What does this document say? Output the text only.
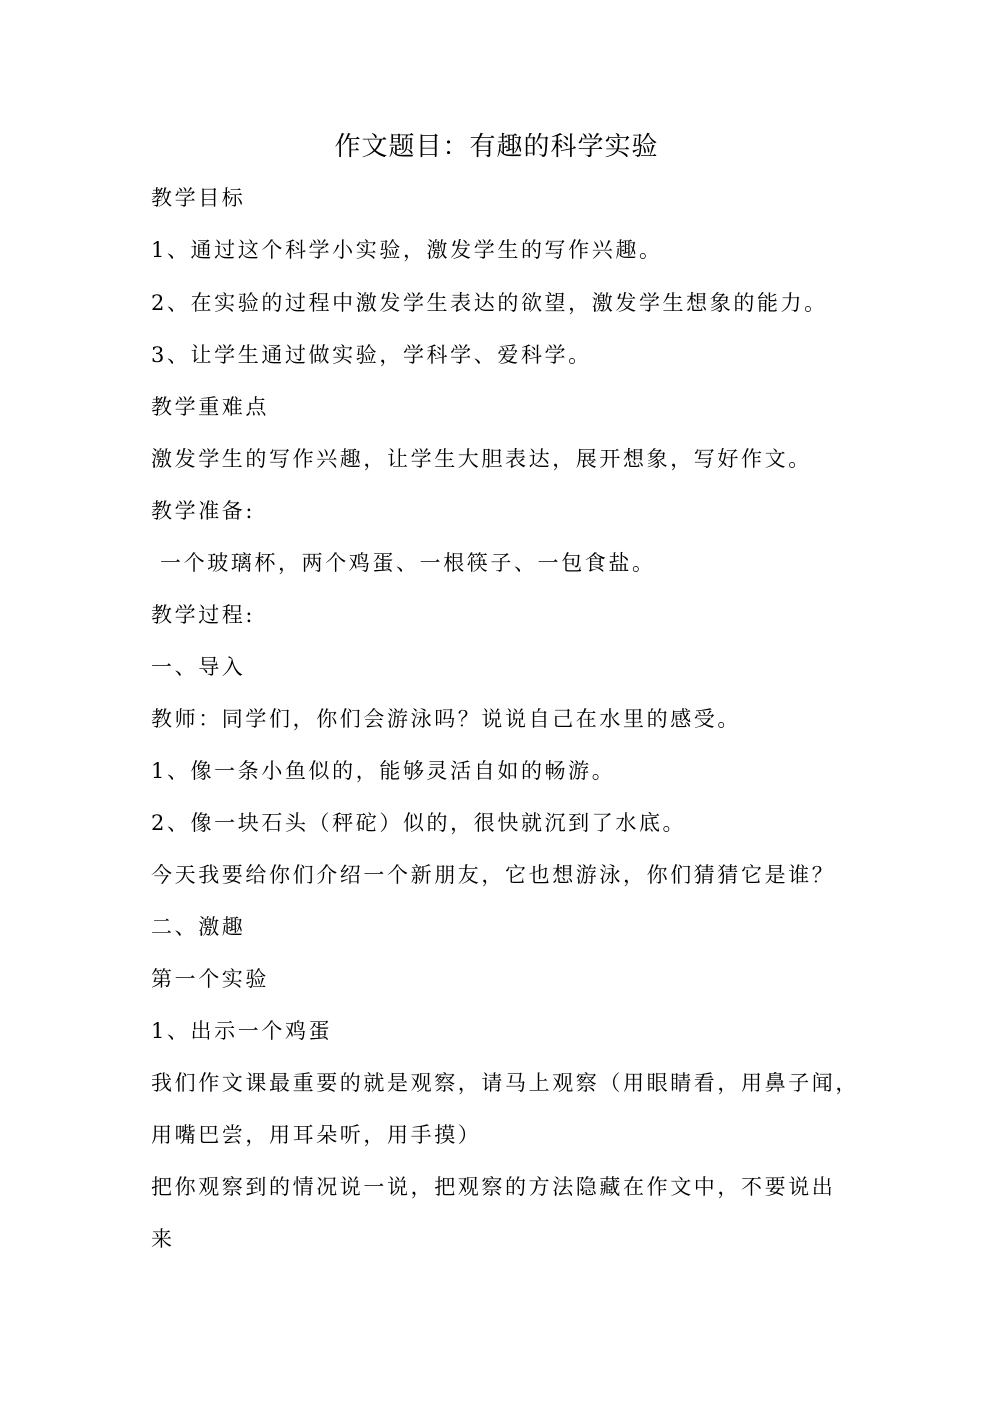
作文题目：有趣的科学实验

教学目标

1、通过这个科学小实验，激发学生的写作兴趣。

2、在实验的过程中激发学生表达的欲望，激发学生想象的能力。

3、让学生通过做实验，学科学、爱科学。

教学重难点

激发学生的写作兴趣，让学生大胆表达，展开想象，写好作文。

教学准备:

一个玻璃杯，两个鸡蛋、一根筷子、一包食盐。

教学过程:

一、导入

教师：同学们，你们会游泳吗？说说自己在水里的感受。

1、像一条小鱼似的，能够灵活自如的畅游。

2、像一块石头（秤砣）似的，很快就沉到了水底。

今天我要给你们介绍一个新朋友，它也想游泳，你们猜猜它是谁？

二、激趣

第一个实验

1、出示一个鸡蛋

我们作文课最重要的就是观察，请马上观察（用眼睛看，用鼻子闻，

用嘴巴尝，用耳朵听，用手摸）

把你观察到的情况说一说，把观察的方法隐藏在作文中，不要说出

来
